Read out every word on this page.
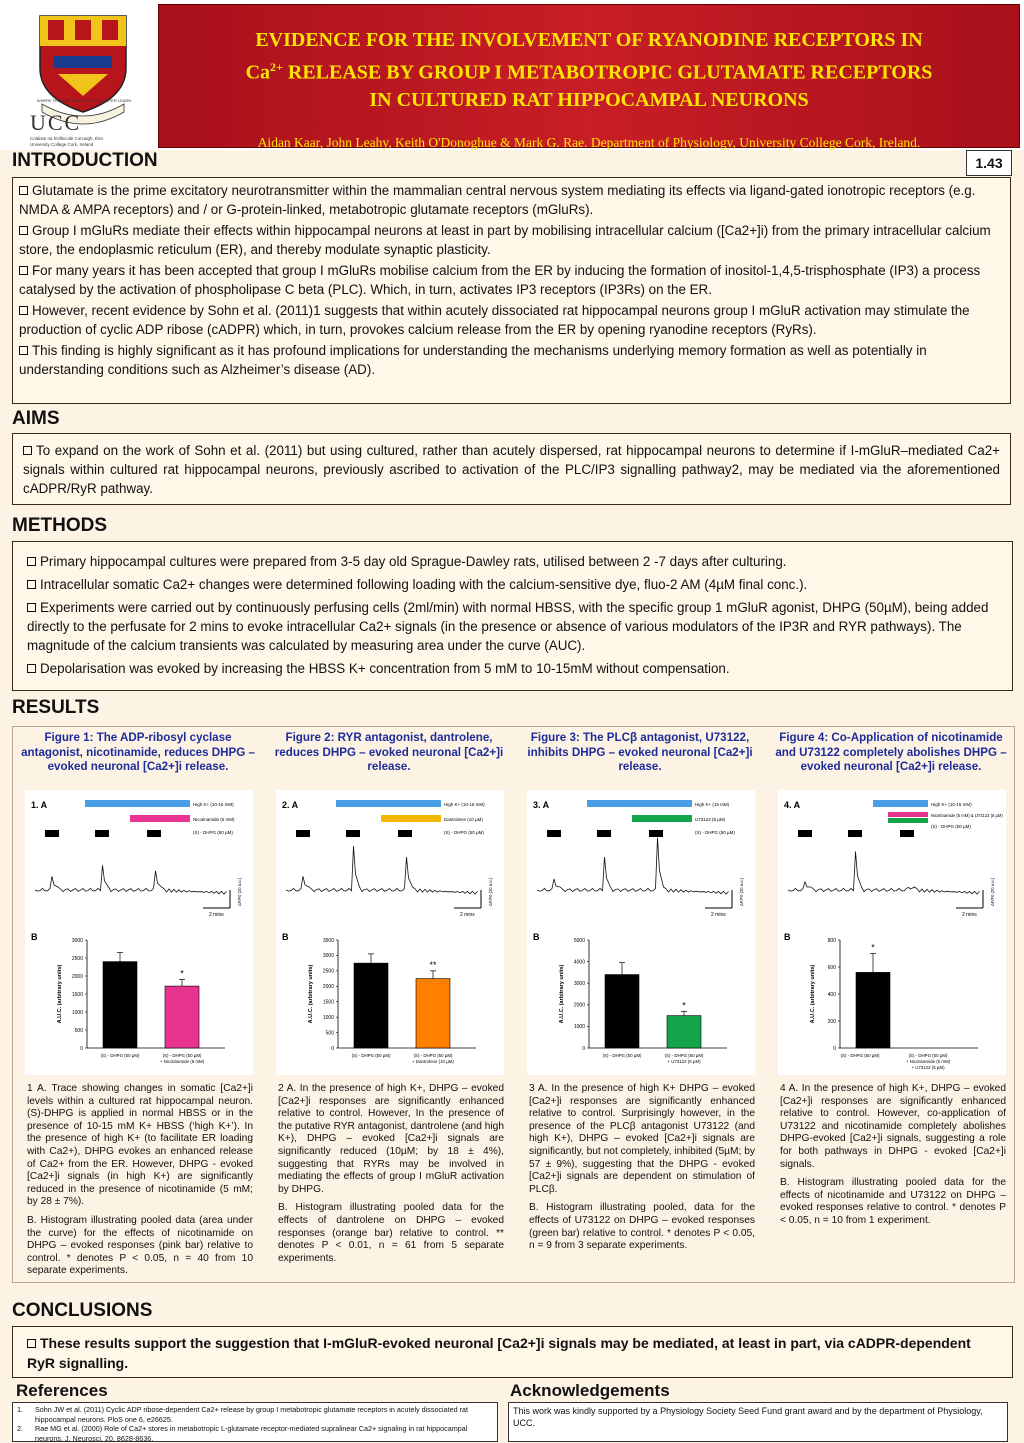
WHERE FINBARR TAUGHT LET MUNSTER LEARN
UCC
Coláiste na hOllscoile Corcaigh, Éire
University College Cork, Ireland
EVIDENCE FOR THE INVOLVEMENT OF RYANODINE RECEPTORS IN
$Ca^{2+}$ RELEASE BY GROUP I METABOTROPIC GLUTAMATE RECEPTORS
IN CULTURED RAT HIPPOCAMPAL NEURONS
Aidan Kaar, John Leahy, Keith O'Donoghue & Mark G. Rae. Department of Physiology, University College Cork, Ireland.
1.43
INTRODUCTION

Glutamate is the prime excitatory neurotransmitter within the mammalian central nervous system mediating its effects via ligand-gated ionotropic receptors (e.g. NMDA & AMPA receptors) and / or G-protein-linked, metabotropic glutamate receptors (mGluRs).

Group I mGluRs mediate their effects within hippocampal neurons at least in part by mobilising intracellular calcium ([Ca2+]i) from the primary intracellular calcium store, the endoplasmic reticulum (ER), and thereby modulate synaptic plasticity.

For many years it has been accepted that group I mGluRs mobilise calcium from the ER by inducing the formation of inositol-1,4,5-trisphosphate (IP3) a process catalysed by the activation of phospholipase C beta (PLC). Which, in turn, activates IP3 receptors (IP3Rs) on the ER.

However, recent evidence by Sohn et al. (2011)1 suggests that within acutely dissociated rat hippocampal neurons group I mGluR activation may stimulate the production of cyclic ADP ribose (cADPR) which, in turn, provokes calcium release from the ER by opening ryanodine receptors (RyRs).

This finding is highly significant as it has profound implications for understanding the mechanisms underlying memory formation as well as potentially in understanding conditions such as Alzheimer’s disease (AD).

AIMS

To expand on the work of Sohn et al. (2011) but using cultured, rather than acutely dispersed, rat hippocampal neurons to determine if I-mGluR–mediated Ca2+ signals within cultured rat hippocampal neurons, previously ascribed to activation of the PLC/IP3 signalling pathway2, may be mediated via the aforementioned cADPR/RyR pathway.

METHODS

Primary hippocampal cultures were prepared from 3-5 day old Sprague-Dawley rats, utilised between 2 -7 days after culturing.

Intracellular somatic Ca2+ changes were determined following loading with the calcium-sensitive dye, fluo-2 AM (4µM final conc.).

Experiments were carried out by continuously perfusing cells (2ml/min) with normal HBSS, with the specific group 1 mGluR agonist, DHPG (50µM), being added directly to the perfusate for 2 mins to evoke intracellular Ca2+ signals (in the presence or absence of various modulators of the IP3R and RYR pathways). The magnitude of the calcium transients was calculated by measuring area under the curve (AUC).

Depolarisation was evoked by increasing the HBSS K+ concentration from 5 mM to 10-15mM without compensation.

RESULTS
Figure 1: The ADP-ribosyl cyclase antagonist, nicotinamide, reduces DHPG – evoked neuronal [Ca2+]i release.
1. A	High K+ (10-15 mM)
Nicotinamide (5 mM)
(S) - DHPG (50 µM)
2 mins
ΔF/F0 (20 a.u.)
B
0
500
1000
1500
2000
2500
3000
A.U.C. (arbitrary units)	*
(S) - DHPG (50 µM)	(S) - DHPG (50 µM)
+ Nicotinamide (5 mM)

1 A. Trace showing changes in somatic [Ca2+]i levels within a cultured rat hippocampal neuron. (S)-DHPG is applied in normal HBSS or in the presence of 10-15 mM K+ HBSS (‘high K+’). In the presence of high K+ (to facilitate ER loading with Ca2+), DHPG evokes an enhanced release of Ca2+ from the ER. However, DHPG - evoked [Ca2+]i signals (in high K+) are significantly reduced in the presence of nicotinamide (5 mM; by 28 ± 7%).

B. Histogram illustrating pooled data (area under the curve) for the effects of nicotinamide on DHPG – evoked responses (pink bar) relative to control. * denotes P < 0.05, n = 40 from 10 separate experiments.

Figure 2: RYR antagonist, dantrolene, reduces DHPG – evoked neuronal [Ca2+]i release.
2. A	High K+ (10-15 mM)
Dantrolene (10 µM)
(S) - DHPG (50 µM)
2 mins
ΔF/F0 (20 a.u.)
B
0
500
1000
1500
2000
2500
3000
3500
A.U.C. (arbitrary units)	**
(S) - DHPG (50 µM)	(S) - DHPG (50 µM)
+ Dantrolene (10 µM)

2 A. In the presence of high K+, DHPG – evoked [Ca2+]i responses are significantly enhanced relative to control. However, In the presence of the putative RYR antagonist, dantrolene (and high K+), DHPG – evoked [Ca2+]i signals are significantly reduced (10µM; by 18 ± 4%), suggesting that RYRs may be involved in mediating the effects of group I mGluR activation by DHPG.

B. Histogram illustrating pooled data for the effects of dantrolene on DHPG – evoked responses (orange bar) relative to control. ** denotes P < 0.01, n = 61 from 5 separate experiments.

Figure 3: The PLCβ antagonist, U73122, inhibits DHPG – evoked neuronal [Ca2+]i release.
3. A	High K+ (15 mM)
U73122 (5 µM)
(S) - DHPG (50 µM)
2 mins
ΔF/F0 (20 a.u.)
B
0
1000
2000
3000
4000
5000
A.U.C. (arbitrary units)	*
(S) - DHPG (50 µM)	(S) - DHPG (50 µM)
+ U73122 (5 µM)

3 A. In the presence of high K+ DHPG – evoked [Ca2+]i responses are significantly enhanced relative to control. Surprisingly however, in the presence of the PLCβ antagonist U73122 (and high K+), DHPG – evoked [Ca2+]i signals are significantly, but not completely, inhibited (5µM; by 57 ± 9%), suggesting that the DHPG - evoked [Ca2+]i signals are dependent on stimulation of PLCβ.

B. Histogram illustrating pooled, data for the effects of U73122 on DHPG – evoked responses (green bar) relative to control. * denotes P < 0.05, n = 9 from 3 separate experiments.

Figure 4: Co-Application of nicotinamide and U73122 completely abolishes DHPG – evoked neuronal [Ca2+]i release.
4. A	High K+ (10-15 mM)
Nicotinamide (5 mM) & U73122 (5 µM)
(S) - DHPG (50 µM)
2 mins
ΔF/F0 (20 a.u.)
B
0
200
400
600
800
A.U.C. (arbitrary units)
*
(S) - DHPG (50 µM)	(S) - DHPG (50 µM)
+ Nicotinamide (5 mM)
+ U73122 (5 µM)

4 A. In the presence of high K+, DHPG – evoked [Ca2+]i responses are significantly enhanced relative to control. However, co-application of U73122 and nicotinamide completely abolishes DHPG-evoked [Ca2+]i signals, suggesting a role for both pathways in DHPG - evoked [Ca2+]i signals.

B. Histogram illustrating pooled data for the effects of nicotinamide and U73122 on DHPG – evoked responses relative to control. * denotes P < 0.05, n = 10 from 1 experiment.

CONCLUSIONS
These results support the suggestion that I-mGluR-evoked neuronal [Ca2+]i signals may be mediated, at least in part, via cADPR-dependent RyR signalling.
References	Acknowledgements
1.	Sohn JW et al. (2011) Cyclic ADP ribose-dependent Ca2+ release by group I metabotropic glutamate receptors in acutely dissociated rat hippocampal neurons. PloS one 6, e26625.
2.	Rae MG et al. (2000) Role of Ca2+ stores in metabotropic L-glutamate receptor-mediated supralinear Ca2+ signaling in rat hippocampal neurons. J. Neurosci. 20, 8628-8636.
This work was kindly supported by a Physiology Society Seed Fund grant award and by the department of Physiology, UCC.
